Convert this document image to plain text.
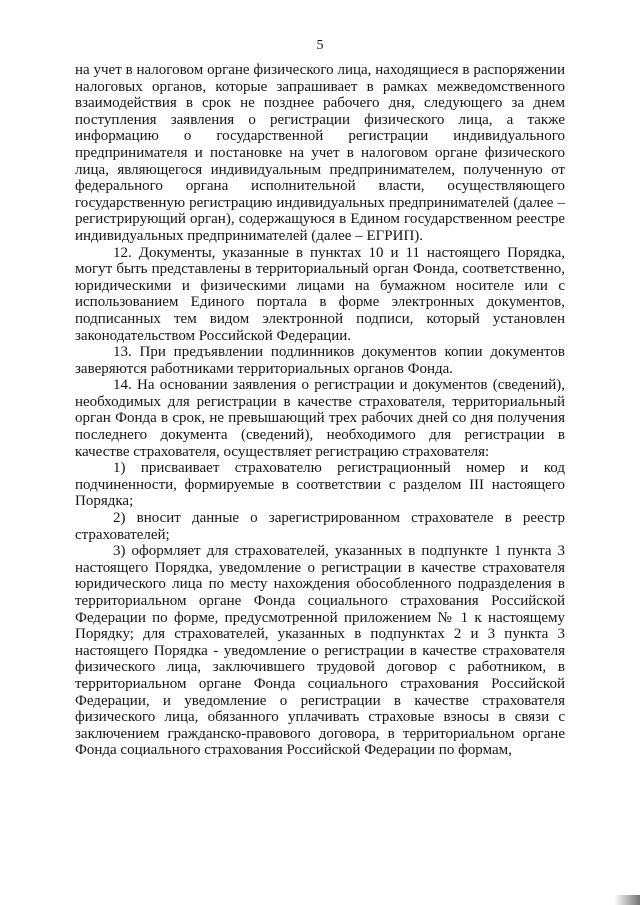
5

на учет в налоговом органе физического лица, находящиеся в распоряжении налоговых органов, которые запрашивает в рамках межведомственного взаимодействия в срок не позднее рабочего дня, следующего за днем поступления заявления о регистрации физического лица, а также информацию о государственной регистрации индивидуального предпринимателя и постановке на учет в налоговом органе физического лица, являющегося индивидуальным предпринимателем, полученную от федерального органа исполнительной власти, осуществляющего государственную регистрацию индивидуальных предпринимателей (далее – регистрирующий орган), содержащуюся в Едином государственном реестре индивидуальных предпринимателей (далее – ЕГРИП).

12. Документы, указанные в пунктах 10 и 11 настоящего Порядка, могут быть представлены в территориальный орган Фонда, соответственно, юридическими и физическими лицами на бумажном носителе или с использованием Единого портала в форме электронных документов, подписанных тем видом электронной подписи, который установлен законодательством Российской Федерации.

13. При предъявлении подлинников документов копии документов заверяются работниками территориальных органов Фонда.

14. На основании заявления о регистрации и документов (сведений), необходимых для регистрации в качестве страхователя, территориальный орган Фонда в срок, не превышающий трех рабочих дней со дня получения последнего документа (сведений), необходимого для регистрации в качестве страхователя, осуществляет регистрацию страхователя:

1) присваивает страхователю регистрационный номер и код подчиненности, формируемые в соответствии с разделом III настоящего Порядка;

2) вносит данные о зарегистрированном страхователе в реестр страхователей;

3) оформляет для страхователей, указанных в подпункте 1 пункта 3 настоящего Порядка, уведомление о регистрации в качестве страхователя юридического лица по месту нахождения обособленного подразделения в территориальном органе Фонда социального страхования Российской Федерации по форме, предусмотренной приложением № 1 к настоящему Порядку; для страхователей, указанных в подпунктах 2 и 3 пункта 3 настоящего Порядка - уведомление о регистрации в качестве страхователя физического лица, заключившего трудовой договор с работником, в территориальном органе Фонда социального страхования Российской Федерации, и уведомление о регистрации в качестве страхователя физического лица, обязанного уплачивать страховые взносы в связи с заключением гражданско-правового договора, в территориальном органе Фонда социального страхования Российской Федерации по формам,
